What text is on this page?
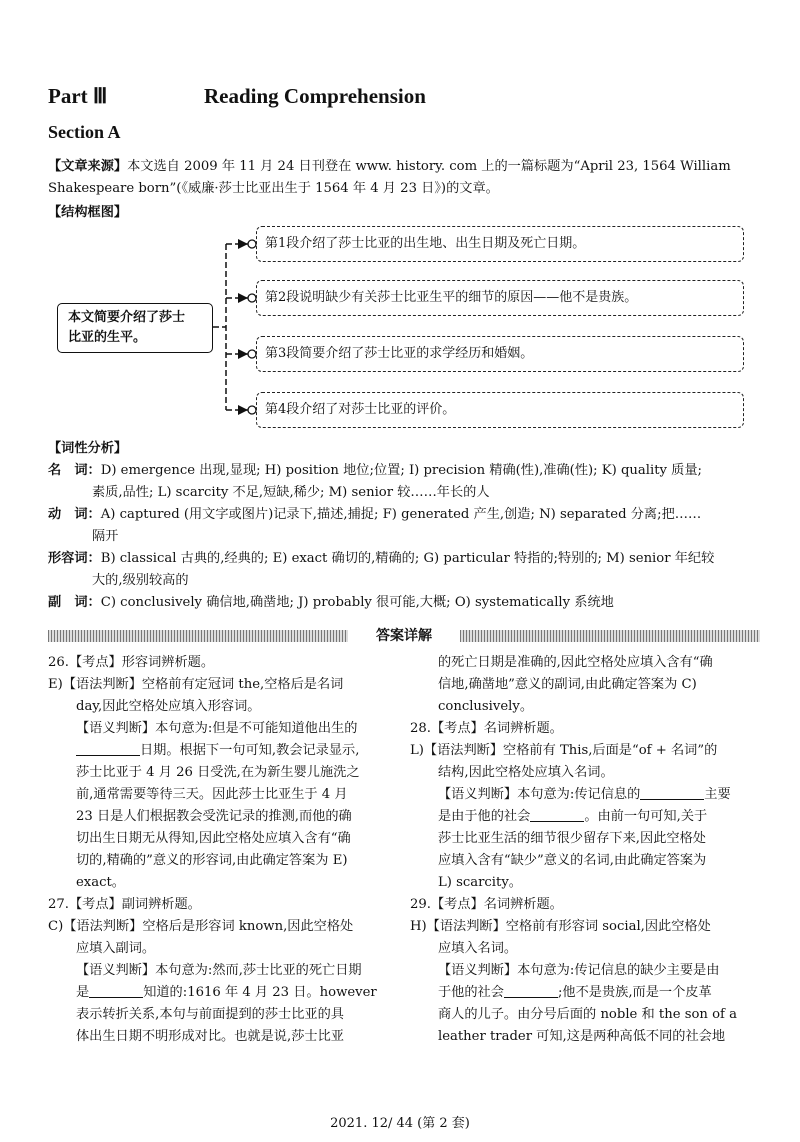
Part Ⅲ	Reading Comprehension
Section A
【文章来源】本文选自 2009 年 11 月 24 日刊登在 www. history. com 上的一篇标题为“April 23, 1564 William
Shakespeare born”(《威廉·莎士比亚出生于 1564 年 4 月 23 日》)的文章。
【结构框图】
本文简要介绍了莎士
比亚的生平。
第1段介绍了莎士比亚的出生地、出生日期及死亡日期。
第2段说明缺少有关莎士比亚生平的细节的原因——他不是贵族。
第3段简要介绍了莎士比亚的求学经历和婚姻。
第4段介绍了对莎士比亚的评价。
【词性分析】
名　词：D) emergence 出现,显现; H) position 地位;位置; I) precision 精确(性),准确(性); K) quality 质量;
素质,品性; L) scarcity 不足,短缺,稀少; M) senior 较……年长的人
动　词：A) captured (用文字或图片)记录下,描述,捕捉; F) generated 产生,创造; N) separated 分离;把……
隔开
形容词：B) classical 古典的,经典的; E) exact 确切的,精确的; G) particular 特指的;特别的; M) senior 年纪较
大的,级别较高的
副　词：C) conclusively 确信地,确凿地; J) probably 很可能,大概; O) systematically 系统地
答案详解
26.【考点】形容词辨析题。
E)【语法判断】空格前有定冠词 the,空格后是名词
day,因此空格处应填入形容词。
【语义判断】本句意为:但是不可能知道他出生的
日期。根据下一句可知,教会记录显示,
莎士比亚于 4 月 26 日受洗,在为新生婴儿施洗之
前,通常需要等待三天。因此莎士比亚生于 4 月
23 日是人们根据教会受洗记录的推测,而他的确
切出生日期无从得知,因此空格处应填入含有“确
切的,精确的”意义的形容词,由此确定答案为 E)
exact。
27.【考点】副词辨析题。
C)【语法判断】空格后是形容词 known,因此空格处
应填入副词。
【语义判断】本句意为:然而,莎士比亚的死亡日期
是	知道的:1616 年 4 月 23 日。however
表示转折关系,本句与前面提到的莎士比亚的具
体出生日期不明形成对比。也就是说,莎士比亚
的死亡日期是准确的,因此空格处应填入含有“确
信地,确凿地”意义的副词,由此确定答案为 C)
conclusively。
28.【考点】名词辨析题。
L)【语法判断】空格前有 This,后面是“of + 名词”的
结构,因此空格处应填入名词。
【语义判断】本句意为:传记信息的	主要
是由于他的社会	。由前一句可知,关于
莎士比亚生活的细节很少留存下来,因此空格处
应填入含有“缺少”意义的名词,由此确定答案为
L) scarcity。
29.【考点】名词辨析题。
H)【语法判断】空格前有形容词 social,因此空格处
应填入名词。
【语义判断】本句意为:传记信息的缺少主要是由
于他的社会	;他不是贵族,而是一个皮革
商人的儿子。由分号后面的 noble 和 the son of a
leather trader 可知,这是两种高低不同的社会地
2021. 12/ 44 (第 2 套)
